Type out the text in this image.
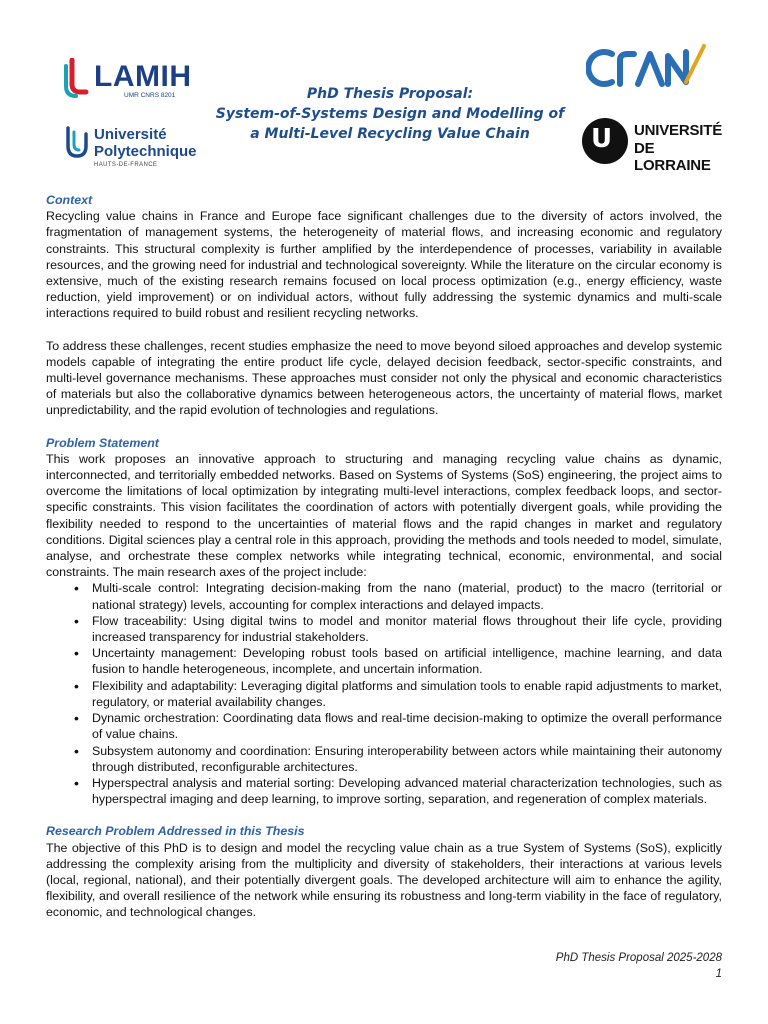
LAMIH
UMR CNRS 8201
Université
Polytechnique
HAUTS-DE-FRANCE
U UNIVERSITÉ
DE LORRAINE
PhD Thesis Proposal:
System-of-Systems Design and Modelling of
a Multi-Level Recycling Value Chain

Context

Recycling value chains in France and Europe face significant challenges due to the diversity of actors involved, the fragmentation of management systems, the heterogeneity of material flows, and increasing economic and regulatory constraints. This structural complexity is further amplified by the interdependence of processes, variability in available resources, and the growing need for industrial and technological sovereignty. While the literature on the circular economy is extensive, much of the existing research remains focused on local process optimization (e.g., energy efficiency, waste reduction, yield improvement) or on individual actors, without fully addressing the systemic dynamics and multi-scale interactions required to build robust and resilient recycling networks.

To address these challenges, recent studies emphasize the need to move beyond siloed approaches and develop systemic models capable of integrating the entire product life cycle, delayed decision feedback, sector-specific constraints, and multi-level governance mechanisms. These approaches must consider not only the physical and economic characteristics of materials but also the collaborative dynamics between heterogeneous actors, the uncertainty of material flows, market unpredictability, and the rapid evolution of technologies and regulations.

Problem Statement

This work proposes an innovative approach to structuring and managing recycling value chains as dynamic, interconnected, and territorially embedded networks. Based on Systems of Systems (SoS) engineering, the project aims to overcome the limitations of local optimization by integrating multi-level interactions, complex feedback loops, and sector-specific constraints. This vision facilitates the coordination of actors with potentially divergent goals, while providing the flexibility needed to respond to the uncertainties of material flows and the rapid changes in market and regulatory conditions. Digital sciences play a central role in this approach, providing the methods and tools needed to model, simulate, analyse, and orchestrate these complex networks while integrating technical, economic, environmental, and social constraints. The main research axes of the project include:

• Multi-scale control: Integrating decision-making from the nano (material, product) to the macro (territorial or national strategy) levels, accounting for complex interactions and delayed impacts.
• Flow traceability: Using digital twins to model and monitor material flows throughout their life cycle, providing increased transparency for industrial stakeholders.
• Uncertainty management: Developing robust tools based on artificial intelligence, machine learning, and data fusion to handle heterogeneous, incomplete, and uncertain information.
• Flexibility and adaptability: Leveraging digital platforms and simulation tools to enable rapid adjustments to market, regulatory, or material availability changes.
• Dynamic orchestration: Coordinating data flows and real-time decision-making to optimize the overall performance of value chains.
• Subsystem autonomy and coordination: Ensuring interoperability between actors while maintaining their autonomy through distributed, reconfigurable architectures.
• Hyperspectral analysis and material sorting: Developing advanced material characterization technologies, such as hyperspectral imaging and deep learning, to improve sorting, separation, and regeneration of complex materials.

Research Problem Addressed in this Thesis

The objective of this PhD is to design and model the recycling value chain as a true System of Systems (SoS), explicitly addressing the complexity arising from the multiplicity and diversity of stakeholders, their interactions at various levels (local, regional, national), and their potentially divergent goals. The developed architecture will aim to enhance the agility, flexibility, and overall resilience of the network while ensuring its robustness and long-term viability in the face of regulatory, economic, and technological changes.

PhD Thesis Proposal 2025-2028
1
